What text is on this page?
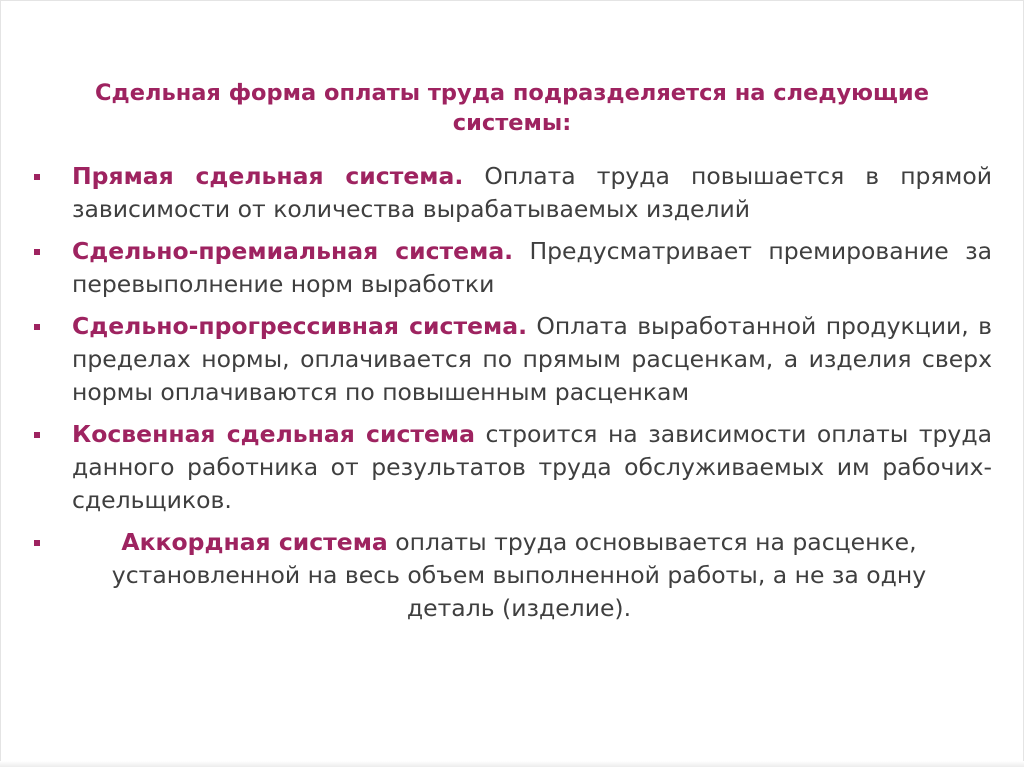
Сдельная форма оплаты труда подразделяется на следующие системы:
Прямая сдельная система. Оплата труда повышается в прямой зависимости от количества вырабатываемых изделий
Сдельно-премиальная система. Предусматривает премирование за перевыполнение норм выработки
Сдельно-прогрессивная система. Оплата выработанной продукции, в пределах нормы, оплачивается по прямым расценкам, а изделия сверх нормы оплачиваются по повышенным расценкам
Косвенная сдельная система строится на зависимости оплаты труда данного работника от результатов труда обслуживаемых им рабочих-сдельщиков.
Аккордная система оплаты труда основывается на расценке, установленной на весь объем выполненной работы, а не за одну деталь (изделие).
